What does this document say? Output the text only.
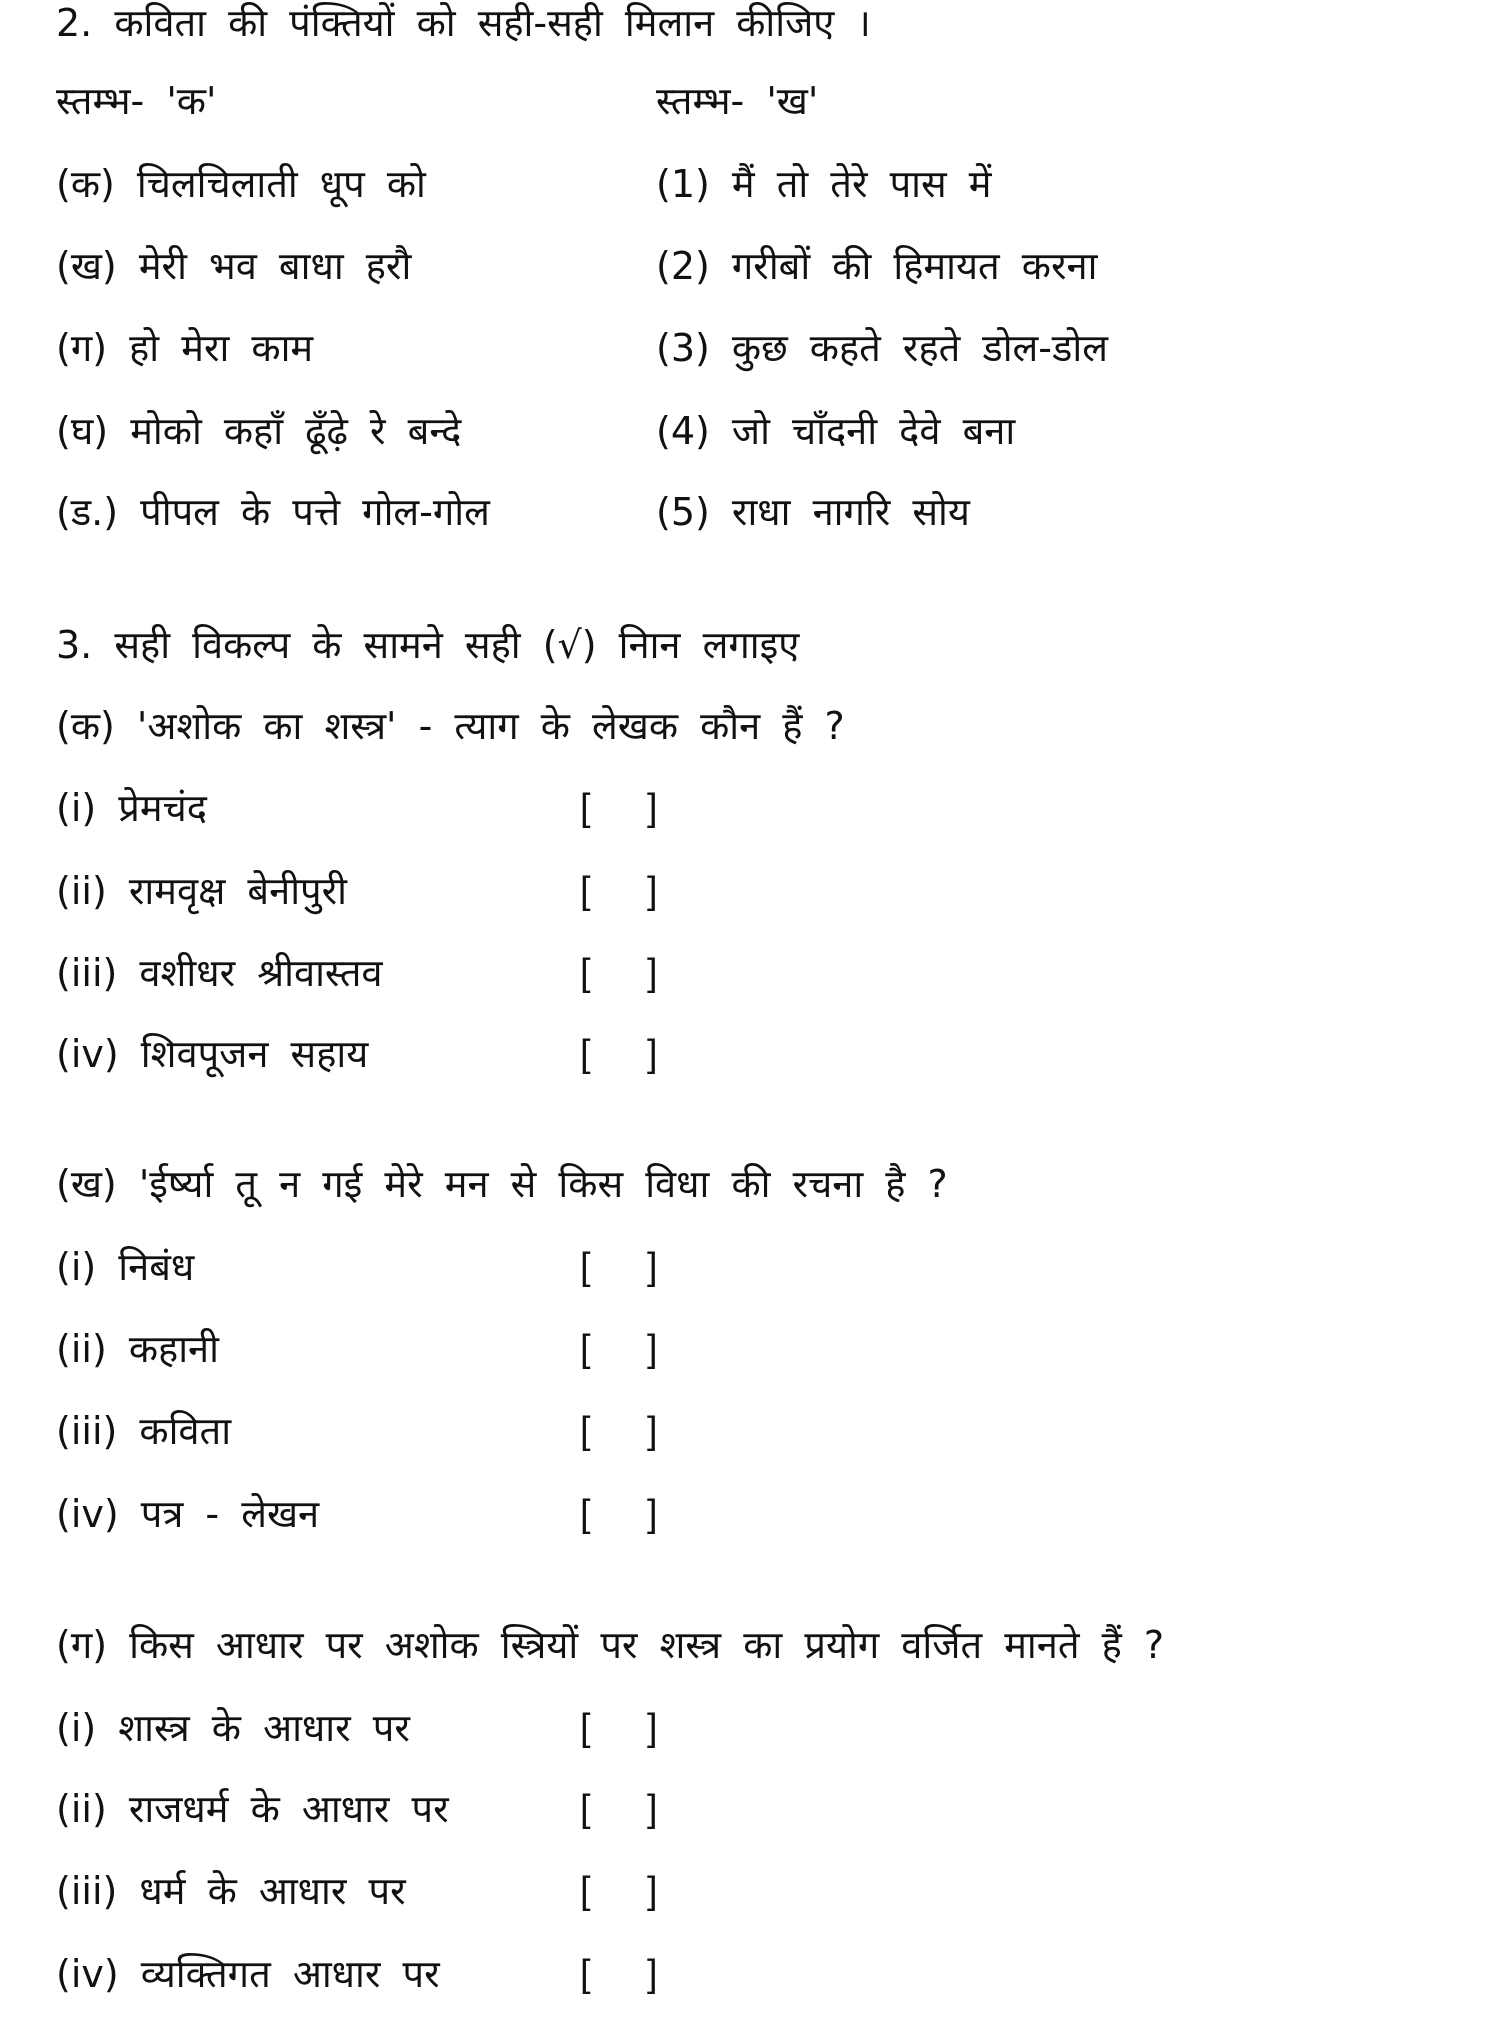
2. कविता की पंक्तियों को सही-सही मिलान कीजिए ।
स्तम्भ- 'क'	स्तम्भ- 'ख'
(क) चिलचिलाती धूप को	(1) मैं तो तेरे पास में
(ख) मेरी भव बाधा हरौ	(2) गरीबों की हिमायत करना
(ग) हो मेरा काम	(3) कुछ कहते रहते डोल-डोल
(घ) मोको कहाँ ढूँढ़े रे बन्दे	(4) जो चाँदनी देवे बना
(ड.) पीपल के पत्ते गोल-गोल	(5) राधा नागरि सोय
3. सही विकल्प के सामने सही (√) निान लगाइए
(क) 'अशोक का शस्त्र' - त्याग के लेखक कौन हैं ?
(i) प्रेमचंद	[ ]
(ii) रामवृक्ष बेनीपुरी	[ ]
(iii) वशीधर श्रीवास्तव	[ ]
(iv) शिवपूजन सहाय	[ ]
(ख) 'ईर्ष्या तू न गई मेरे मन से किस विधा की रचना है ?
(i) निबंध	[ ]
(ii) कहानी	[ ]
(iii) कविता	[ ]
(iv) पत्र - लेखन	[ ]
(ग) किस आधार पर अशोक स्त्रियों पर शस्त्र का प्रयोग वर्जित मानते हैं ?
(i) शास्त्र के आधार पर	[ ]
(ii) राजधर्म के आधार पर	[ ]
(iii) धर्म के आधार पर	[ ]
(iv) व्यक्तिगत आधार पर	[ ]
